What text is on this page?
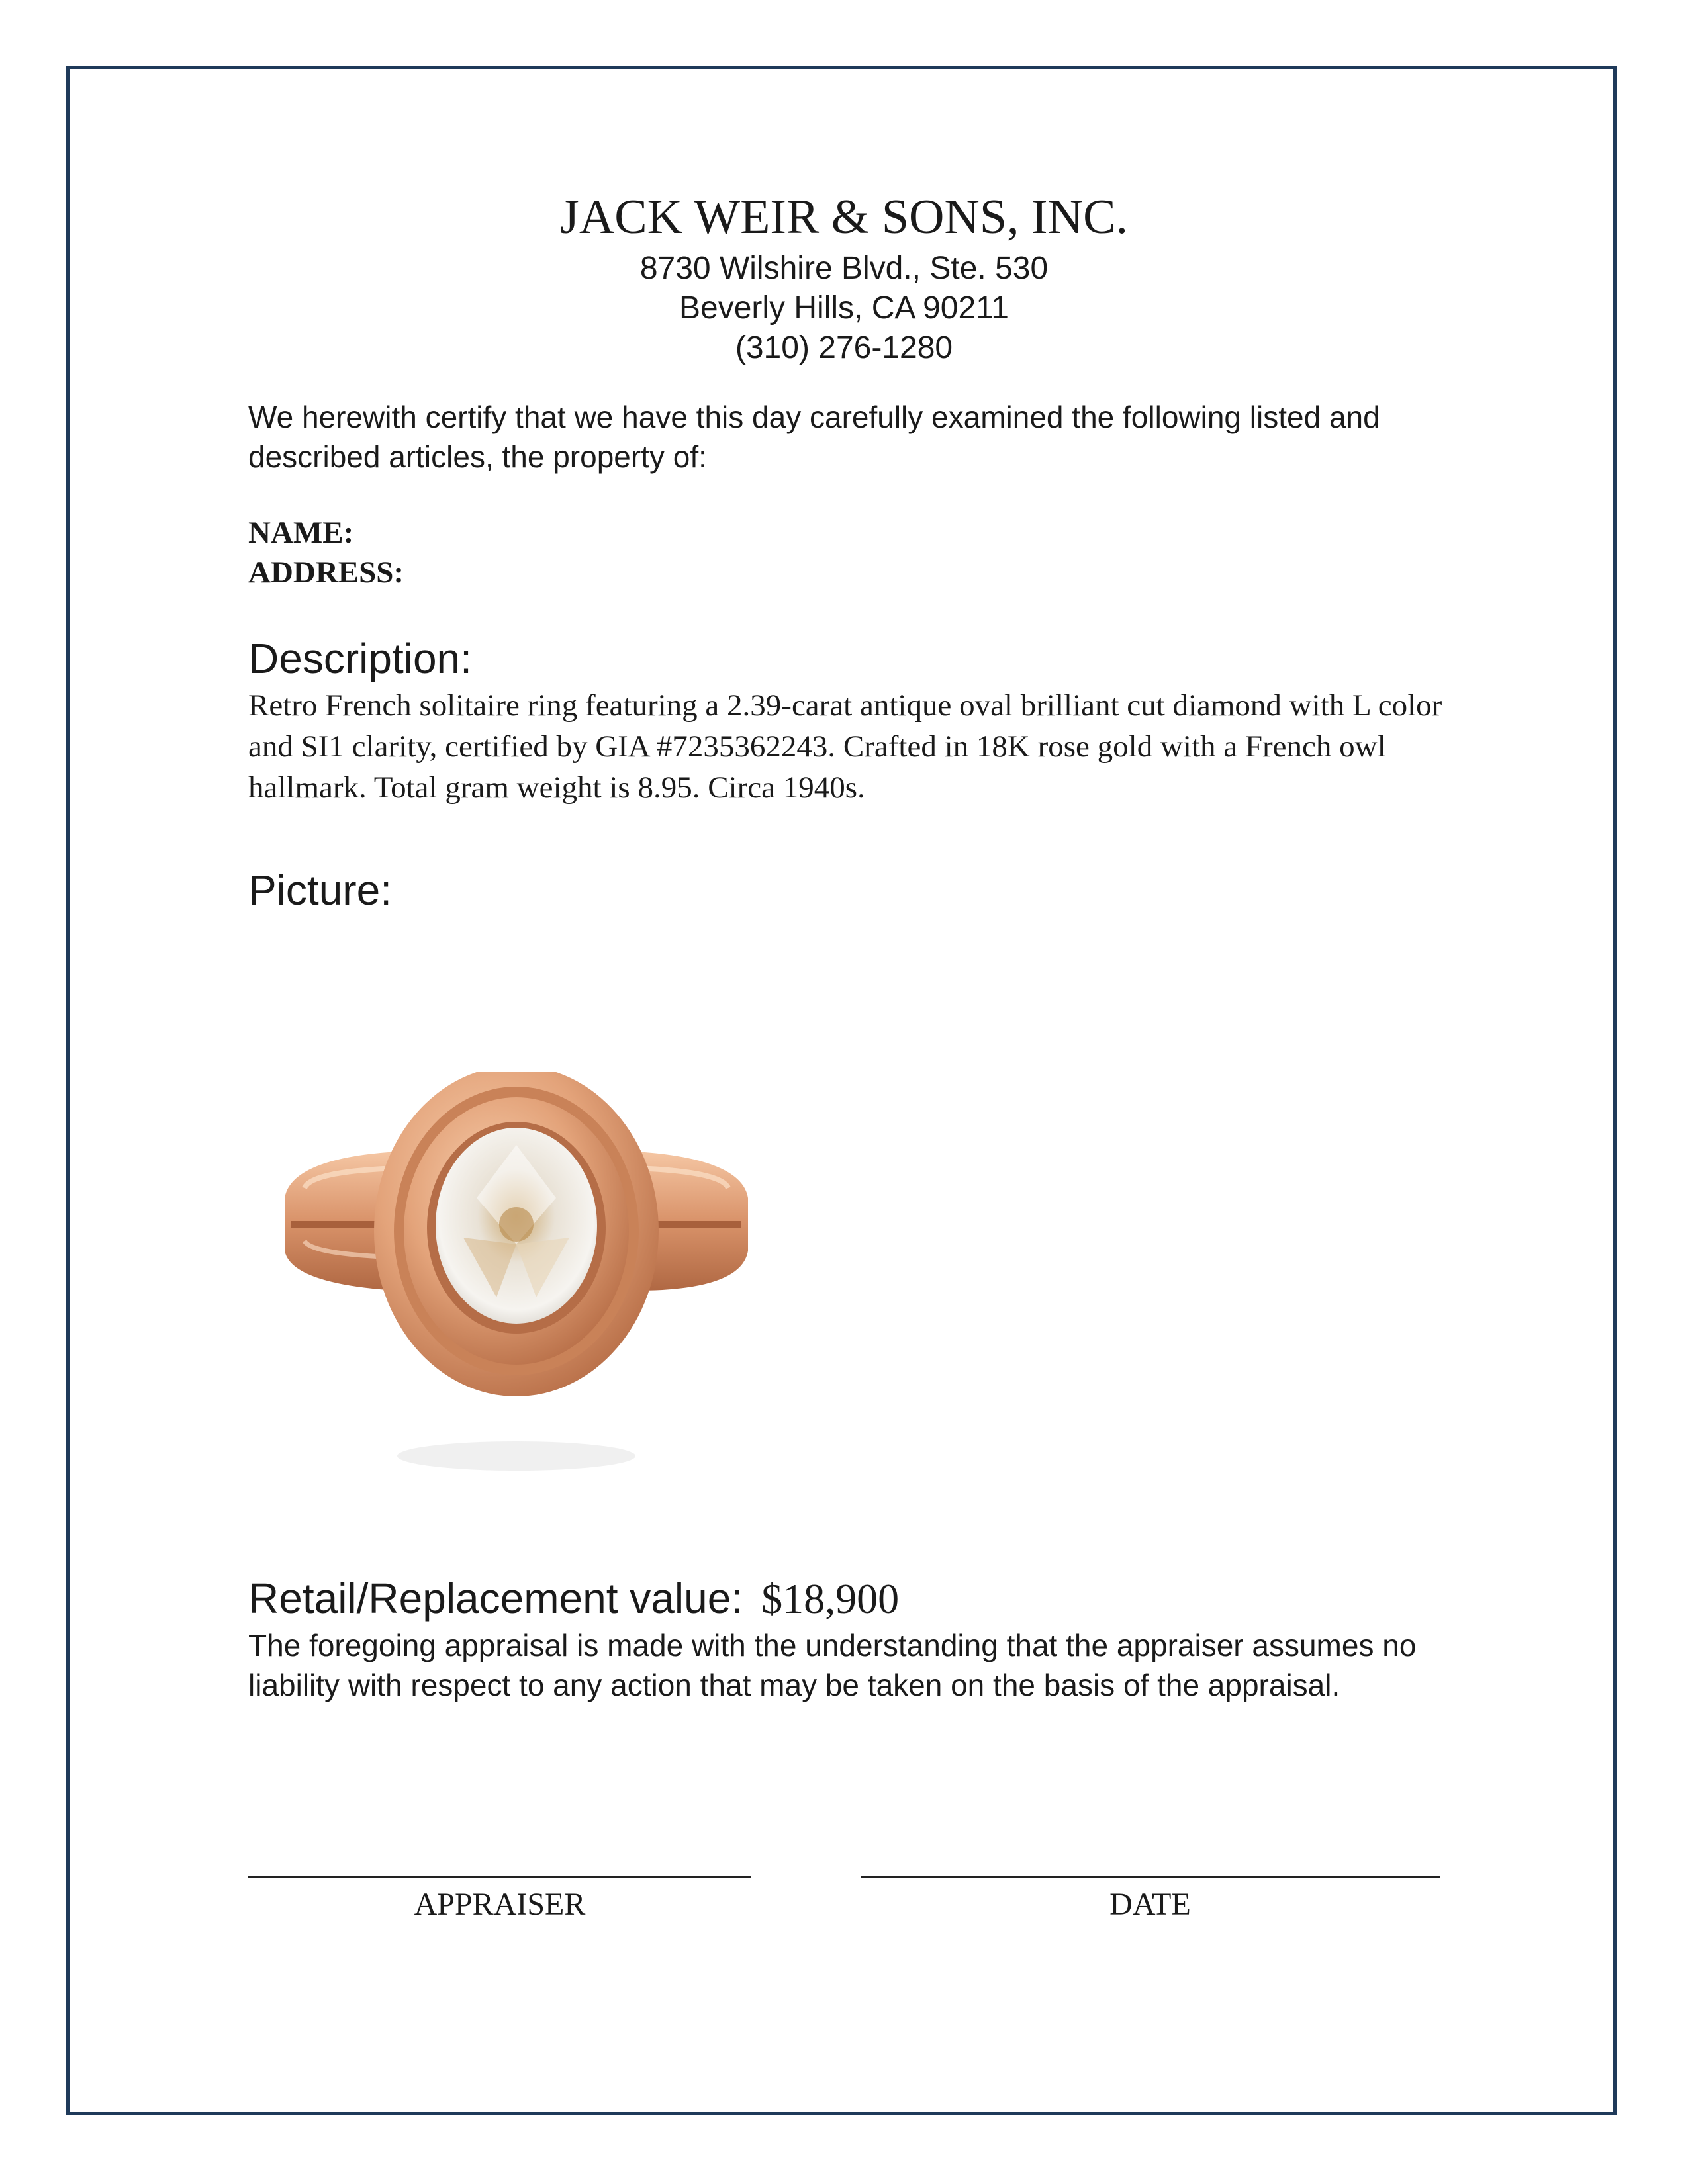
JACK WEIR & SONS, INC.

8730 Wilshire Blvd., Ste. 530

Beverly Hills, CA 90211

(310) 276-1280

We herewith certify that we have this day carefully examined the following listed and described articles, the property of:

NAME:

ADDRESS:

Description:

Retro French solitaire ring featuring a 2.39-carat antique oval brilliant cut diamond with L color and SI1 clarity, certified by GIA #7235362243. Crafted in 18K rose gold with a French owl hallmark. Total gram weight is 8.95. Circa 1940s.

Picture:
Retail/Replacement value: $18,900

The foregoing appraisal is made with the understanding that the appraiser assumes no liability with respect to any action that may be taken on the basis of the appraisal.

APPRAISER	DATE
